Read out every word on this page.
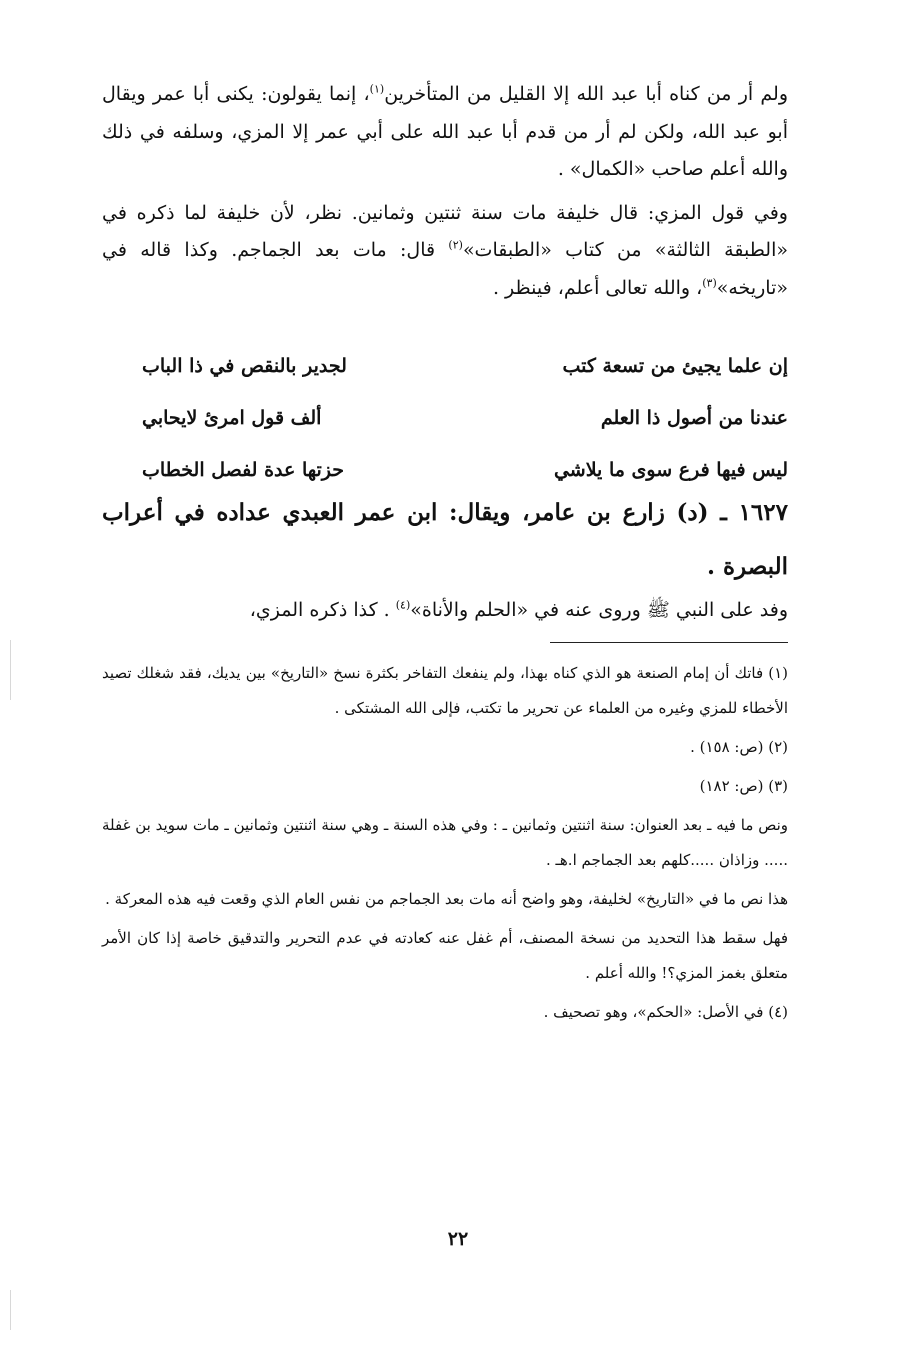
ولم أر من كناه أبا عبد الله إلا القليل من المتأخرين$^{(١)}$، إنما يقولون: يكنى أبا عمر ويقال أبو عبد الله، ولكن لم أر من قدم أبا عبد الله على أبي عمر إلا المزي، وسلفه في ذلك والله أعلم صاحب «الكمال» .

وفي قول المزي: قال خليفة مات سنة ثنتين وثمانين. نظر، لأن خليفة لما ذكره في «الطبقة الثالثة» من كتاب «الطبقات»$^{(٢)}$ قال: مات بعد الجماجم. وكذا قاله في «تاريخه»$^{(٣)}$، والله تعالى أعلم، فينظر .

إن علما يجيئ من تسعة كتب
لجدير بالنقص في ذا الباب
عندنا من أصول ذا العلم
ألف قول امرئ لايحابي
ليس فيها فرع سوى ما يلاشي
حزتها عدة لفصل الخطاب
١٦٢٧ ـ (د) زارع بن عامر، ويقال: ابن عمر العبدي عداده في أعراب البصرة .
وفد على النبي ﷺ وروى عنه في «الحلم والأناة»$^{(٤)}$ . كذا ذكره المزي،

(١) فاتك أن إمام الصنعة هو الذي كناه بهذا، ولم ينفعك التفاخر بكثرة نسخ «التاريخ» بين يديك، فقد شغلك تصيد الأخطاء للمزي وغيره من العلماء عن تحرير ما تكتب، فإلى الله المشتكى .

(٢) (ص: ١٥٨) .

(٣) (ص: ١٨٢)

ونص ما فيه ـ بعد العنوان: سنة اثنتين وثمانين ـ : وفي هذه السنة ـ وهي سنة اثنتين وثمانين ـ مات سويد بن غفلة ..... وزاذان .....كلهم بعد الجماجم ا.هـ .

هذا نص ما في «التاريخ» لخليفة، وهو واضح أنه مات بعد الجماجم من نفس العام الذي وقعت فيه هذه المعركة .

فهل سقط هذا التحديد من نسخة المصنف، أم غفل عنه كعادته في عدم التحرير والتدقيق خاصة إذا كان الأمر متعلق بغمز المزي؟! والله أعلم .

(٤) في الأصل: «الحكم»، وهو تصحيف .

٢٢
